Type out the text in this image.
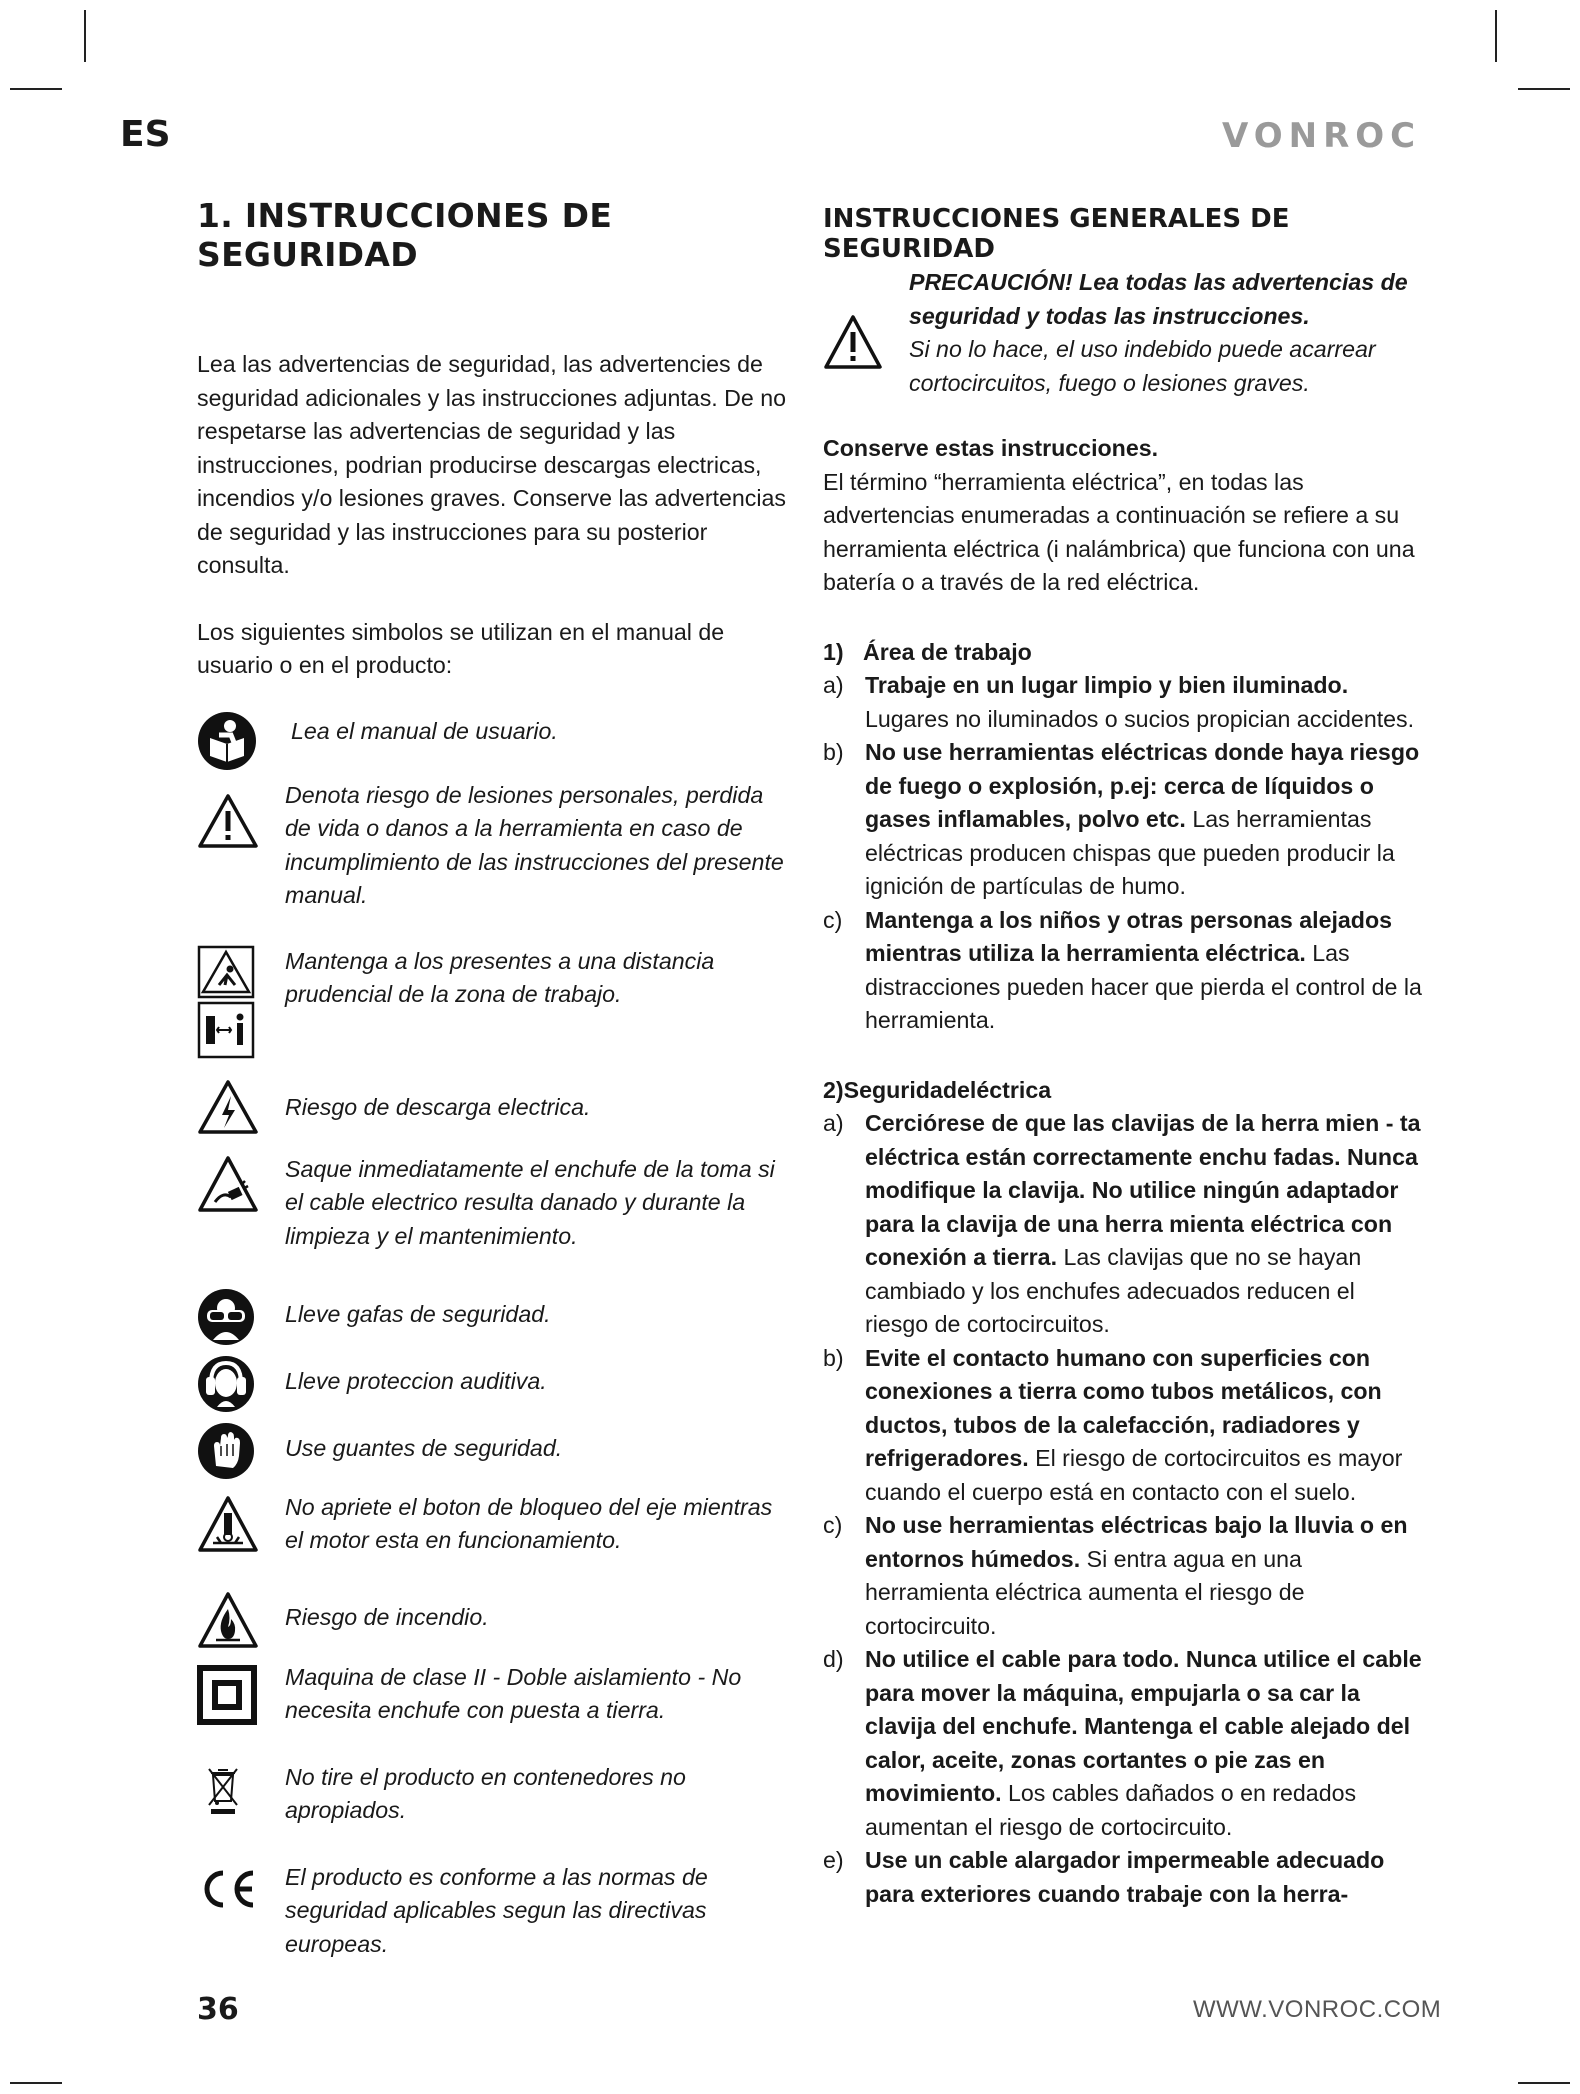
ES	VONROC
1. INSTRUCCIONES DE SEGURIDAD

Lea las advertencias de seguridad, las advertencies de seguridad adicionales y las instrucciones adjuntas. De no respetarse las advertencias de seguridad y las instrucciones, podrian producirse descargas electricas, incendios y/o lesiones graves. Conserve las advertencias de seguridad y las instrucciones para su posterior consulta.

Los siguientes simbolos se utilizan en el manual de usuario o en el producto:

Lea el manual de usuario.
Denota riesgo de lesiones personales, perdida de vida o danos a la herramienta en caso de incumplimiento de las instrucciones del presente manual.
Mantenga a los presentes a una distancia prudencial de la zona de trabajo.
Riesgo de descarga electrica.
Saque inmediatamente el enchufe de la toma si el cable electrico resulta danado y durante la limpieza y el mantenimiento.
Lleve gafas de seguridad.
Lleve proteccion auditiva.
Use guantes de seguridad.
No apriete el boton de bloqueo del eje mientras el motor esta en funcionamiento.
Riesgo de incendio.
Maquina de clase II - Doble aislamiento - No necesita enchufe con puesta a tierra.
No tire el producto en contenedores no apropiados.
El producto es conforme a las normas de seguridad aplicables segun las directivas europeas.
INSTRUCCIONES GENERALES DE SEGURIDAD
PRECAUCIÓN! Lea todas las advertencias de seguridad y todas las instrucciones.
Si no lo hace, el uso indebido puede acarrear cortocircuitos, fuego o lesiones graves.
Conserve estas instrucciones.

El término “herramienta eléctrica”, en todas las advertencias enumeradas a continuación se refiere a su herramienta eléctrica (i nalámbrica) que funciona con una batería o a través de la red eléctrica.

1) Área de trabajo
a) Trabaje en un lugar limpio y bien iluminado. Lugares no iluminados o sucios propician accidentes.
b) No use herramientas eléctricas donde haya riesgo de fuego o explosión, p.ej: cerca de líquidos o gases inflamables, polvo etc. Las herramientas eléctricas producen chispas que pueden producir la ignición de partículas de humo.
c) Mantenga a los niños y otras personas alejados mientras utiliza la herramienta eléctrica. Las distracciones pueden hacer que pierda el control de la herramienta.
2)Seguridadeléctrica
a) Cerciórese de que las clavijas de la herra mien - ta eléctrica están correctamente enchu fadas. Nunca modifique la clavija. No utilice ningún adaptador para la clavija de una herra mienta eléctrica con conexión a tierra. Las clavijas que no se hayan cambiado y los enchufes adecuados reducen el riesgo de cortocircuitos.
b) Evite el contacto humano con superficies con conexiones a tierra como tubos metálicos, con ductos, tubos de la calefacción, radiadores y refrigeradores. El riesgo de cortocircuitos es mayor cuando el cuerpo está en contacto con el suelo.
c) No use herramientas eléctricas bajo la lluvia o en entornos húmedos. Si entra agua en una herramienta eléctrica aumenta el riesgo de cortocircuito.
d) No utilice el cable para todo. Nunca utilice el cable para mover la máquina, empujarla o sa car la clavija del enchufe. Mantenga el cable alejado del calor, aceite, zonas cortantes o pie zas en movimiento. Los cables dañados o en redados aumentan el riesgo de cortocircuito.
e) Use un cable alargador impermeable adecuado para exteriores cuando trabaje con la herra-
36	WWW.VONROC.COM
